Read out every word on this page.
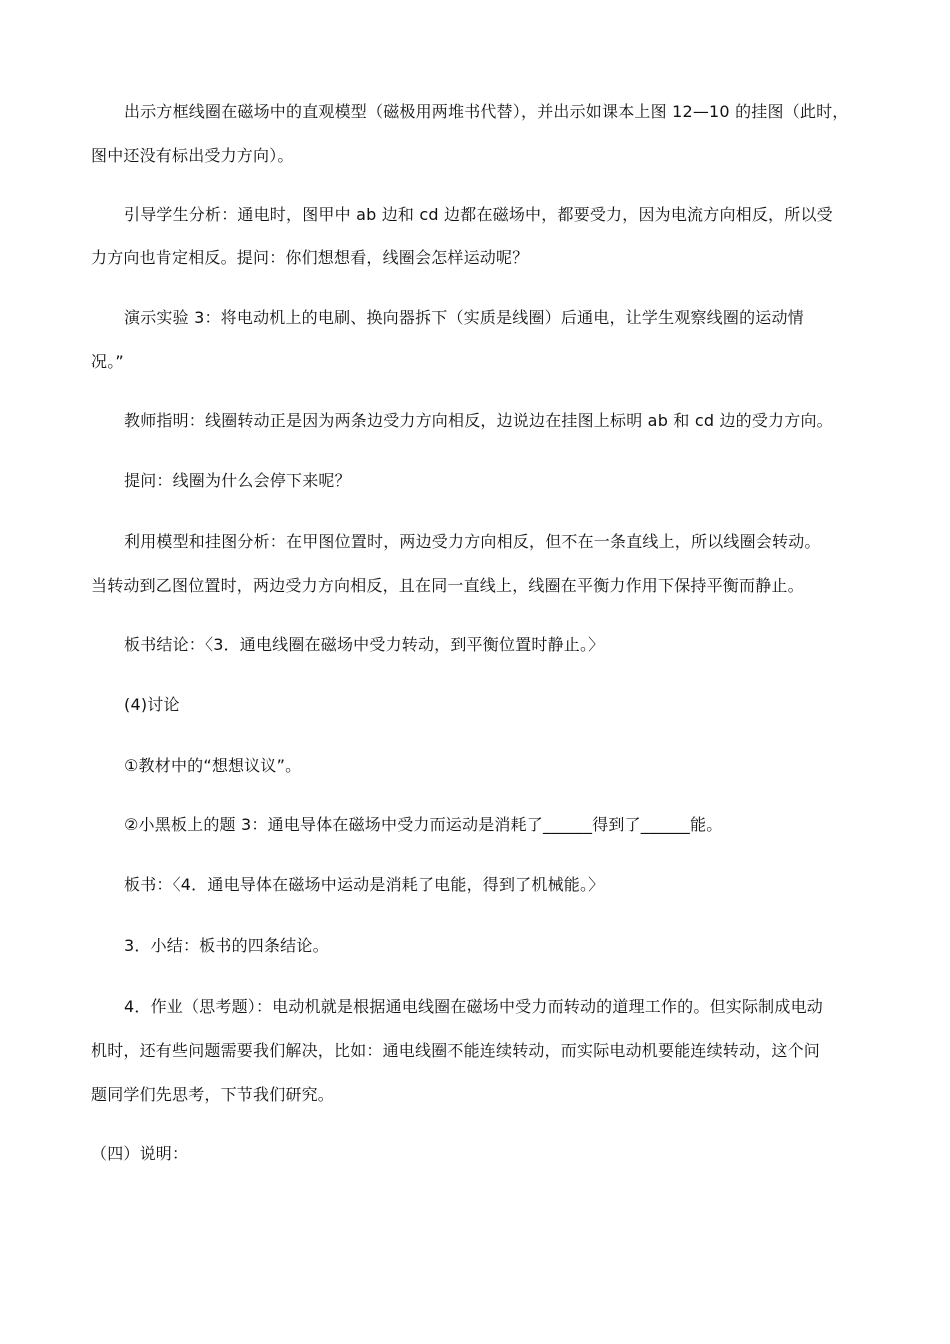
出示方框线圈在磁场中的直观模型（磁极用两堆书代替），并出示如课本上图 12—10 的挂图（此时，
图中还没有标出受力方向）。
引导学生分析：通电时，图甲中 ab 边和 cd 边都在磁场中，都要受力，因为电流方向相反，所以受
力方向也肯定相反。提问：你们想想看，线圈会怎样运动呢？
演示实验 3：将电动机上的电刷、换向器拆下（实质是线圈）后通电，让学生观察线圈的运动情
况。”
教师指明：线圈转动正是因为两条边受力方向相反，边说边在挂图上标明 ab 和 cd 边的受力方向。
提问：线圈为什么会停下来呢？
利用模型和挂图分析：在甲图位置时，两边受力方向相反，但不在一条直线上，所以线圈会转动。
当转动到乙图位置时，两边受力方向相反，且在同一直线上，线圈在平衡力作用下保持平衡而静止。
板书结论：〈3．通电线圈在磁场中受力转动，到平衡位置时静止。〉
(4)讨论
①教材中的“想想议议”。
②小黑板上的题 3：通电导体在磁场中受力而运动是消耗了______得到了______能。
板书：〈4．通电导体在磁场中运动是消耗了电能，得到了机械能。〉
3．小结：板书的四条结论。
4．作业（思考题）：电动机就是根据通电线圈在磁场中受力而转动的道理工作的。但实际制成电动
机时，还有些问题需要我们解决，比如：通电线圈不能连续转动，而实际电动机要能连续转动，这个问
题同学们先思考，下节我们研究。
（四）说明：
